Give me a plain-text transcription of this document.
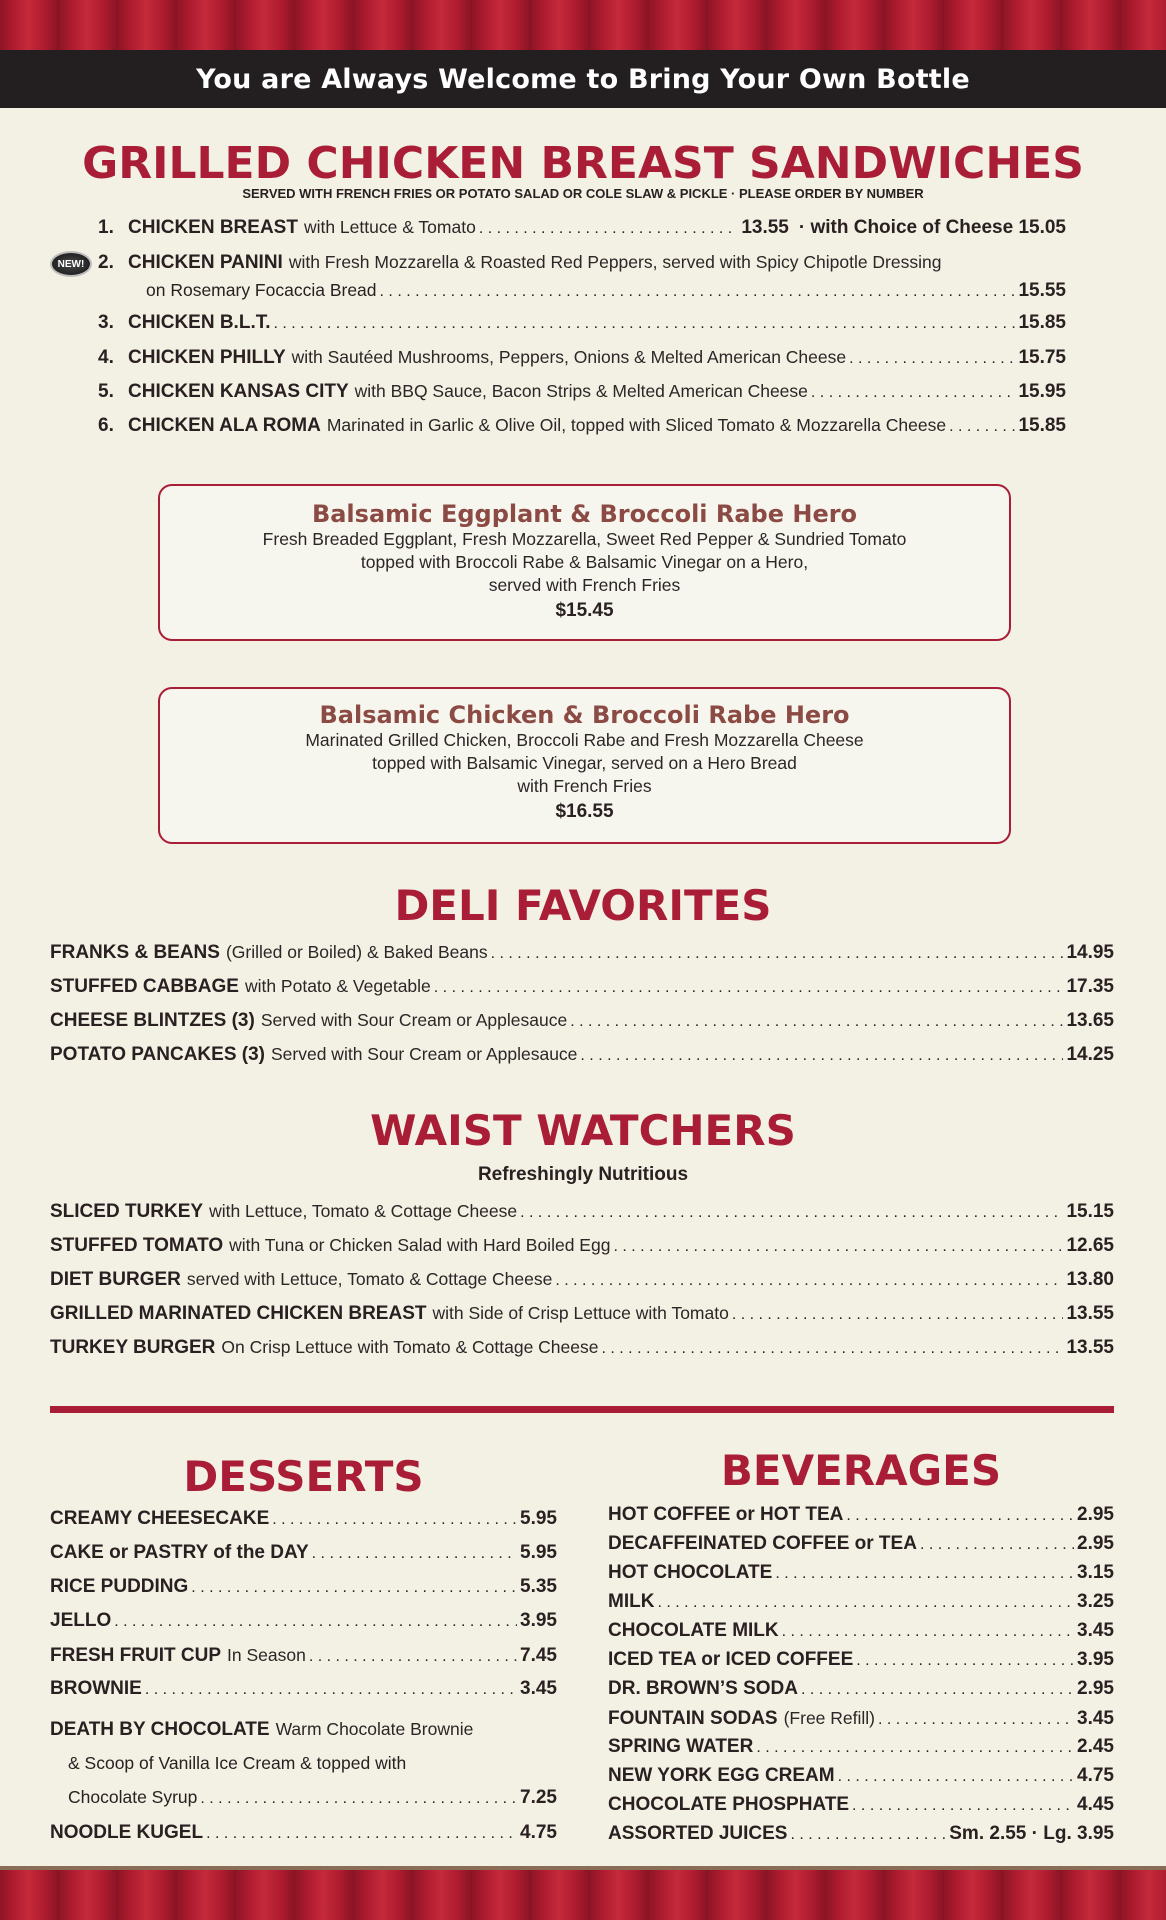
You are Always Welcome to Bring Your Own Bottle
GRILLED CHICKEN BREAST SANDWICHES
SERVED WITH FRENCH FRIES OR POTATO SALAD OR COLE SLAW & PICKLE · PLEASE ORDER BY NUMBER
NEW!
1. CHICKEN BREAST with Lettuce & Tomato . . .	13.55 · with Choice of Cheese 15.05
2. CHICKEN PANINI with Fresh Mozzarella & Roasted Red Peppers, served with Spicy Chipotle Dressing
on Rosemary Focaccia Bread . . .	15.55
3. CHICKEN B.L.T. . . .	15.85
4. CHICKEN PHILLY with Sautéed Mushrooms, Peppers, Onions & Melted American Cheese . . .	15.75
5. CHICKEN KANSAS CITY with BBQ Sauce, Bacon Strips & Melted American Cheese . . .	15.95
6. CHICKEN ALA ROMA Marinated in Garlic & Olive Oil, topped with Sliced Tomato & Mozzarella Cheese . . .	15.85
Balsamic Eggplant & Broccoli Rabe Hero
Fresh Breaded Eggplant, Fresh Mozzarella, Sweet Red Pepper & Sundried Tomato
topped with Broccoli Rabe & Balsamic Vinegar on a Hero,
served with French Fries
$15.45
Balsamic Chicken & Broccoli Rabe Hero
Marinated Grilled Chicken, Broccoli Rabe and Fresh Mozzarella Cheese
topped with Balsamic Vinegar, served on a Hero Bread
with French Fries
$16.55
DELI FAVORITES
FRANKS & BEANS (Grilled or Boiled) & Baked Beans . . .	14.95
STUFFED CABBAGE with Potato & Vegetable . . .	17.35
CHEESE BLINTZES (3) Served with Sour Cream or Applesauce . . .	13.65
POTATO PANCAKES (3) Served with Sour Cream or Applesauce . . .	14.25
WAIST WATCHERS
Refreshingly Nutritious
SLICED TURKEY with Lettuce, Tomato & Cottage Cheese . . .	15.15
STUFFED TOMATO with Tuna or Chicken Salad with Hard Boiled Egg . . .	12.65
DIET BURGER served with Lettuce, Tomato & Cottage Cheese . . .	13.80
GRILLED MARINATED CHICKEN BREAST with Side of Crisp Lettuce with Tomato . . .	13.55
TURKEY BURGER On Crisp Lettuce with Tomato & Cottage Cheese . . .	13.55
DESSERTS
CREAMY CHEESECAKE . . .	5.95
CAKE or PASTRY of the DAY . . .	5.95
RICE PUDDING . . .	5.35
JELLO . . .	3.95
FRESH FRUIT CUP In Season . . .	7.45
BROWNIE . . .	3.45
DEATH BY CHOCOLATE Warm Chocolate Brownie
& Scoop of Vanilla Ice Cream & topped with
Chocolate Syrup . . .	7.25
NOODLE KUGEL . . .	4.75
BEVERAGES
HOT COFFEE or HOT TEA . . .	2.95
DECAFFEINATED COFFEE or TEA . . .	2.95
HOT CHOCOLATE . . .	3.15
MILK . . .	3.25
CHOCOLATE MILK . . .	3.45
ICED TEA or ICED COFFEE . . .	3.95
DR. BROWN’S SODA . . .	2.95
FOUNTAIN SODAS (Free Refill) . . .	3.45
SPRING WATER . . .	2.45
NEW YORK EGG CREAM . . .	4.75
CHOCOLATE PHOSPHATE . . .	4.45
ASSORTED JUICES . . .	Sm. 2.55 · Lg. 3.95
